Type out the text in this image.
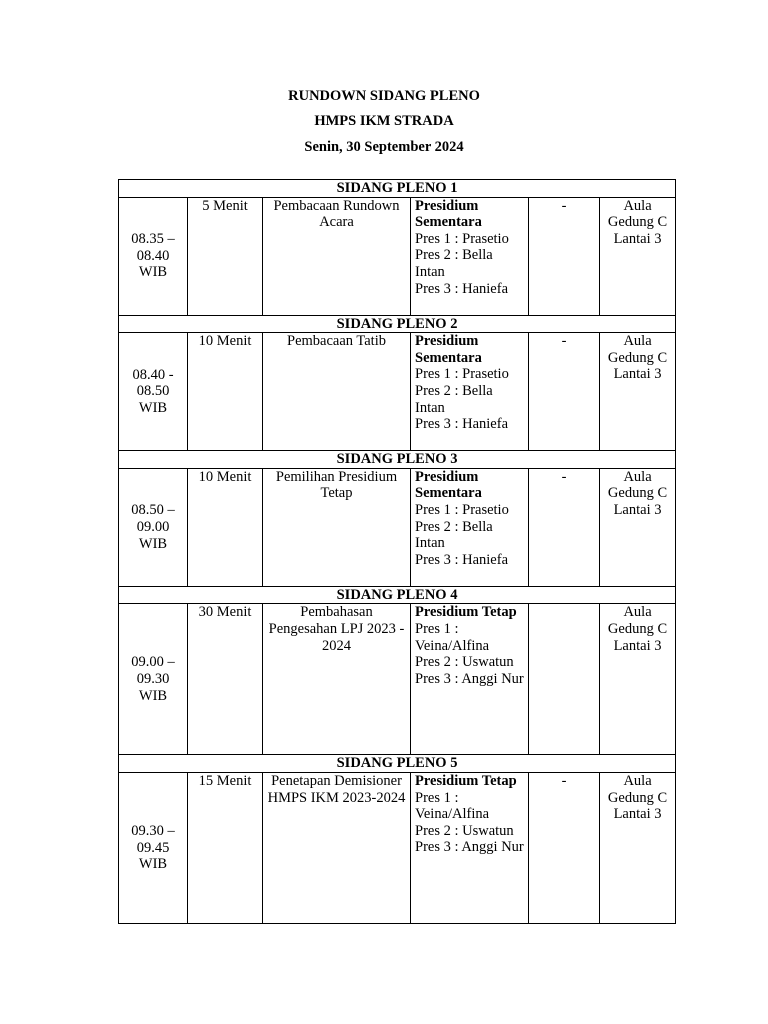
RUNDOWN SIDANG PLENO
HMPS IKM STRADA
Senin, 30 September 2024
SIDANG PLENO 1					
08.35 – 08.40 WIB	5 Menit	Pembacaan Rundown Acara	Presidium Sementara
Pres 1 : Prasetio
Pres 2 : Bella Intan
Pres 3 : Haniefa	-	Aula Gedung C Lantai 3
SIDANG PLENO 2					
08.40 - 08.50 WIB	10 Menit	Pembacaan Tatib	Presidium Sementara
Pres 1 : Prasetio
Pres 2 : Bella Intan
Pres 3 : Haniefa	-	Aula Gedung C Lantai 3
SIDANG PLENO 3					
08.50 – 09.00 WIB	10 Menit	Pemilihan Presidium Tetap	Presidium Sementara
Pres 1 : Prasetio
Pres 2 : Bella Intan
Pres 3 : Haniefa	-	Aula Gedung C Lantai 3
SIDANG PLENO 4					
09.00 – 09.30 WIB	30 Menit	Pembahasan Pengesahan LPJ 2023 - 2024	Presidium Tetap
Pres 1 : Veina/Alfina
Pres 2 : Uswatun
Pres 3 : Anggi Nur		Aula Gedung C Lantai 3
SIDANG PLENO 5					
09.30 – 09.45 WIB	15 Menit	Penetapan Demisioner HMPS IKM 2023-2024	Presidium Tetap
Pres 1 : Veina/Alfina
Pres 2 : Uswatun
Pres 3 : Anggi Nur	-	Aula Gedung C Lantai 3
